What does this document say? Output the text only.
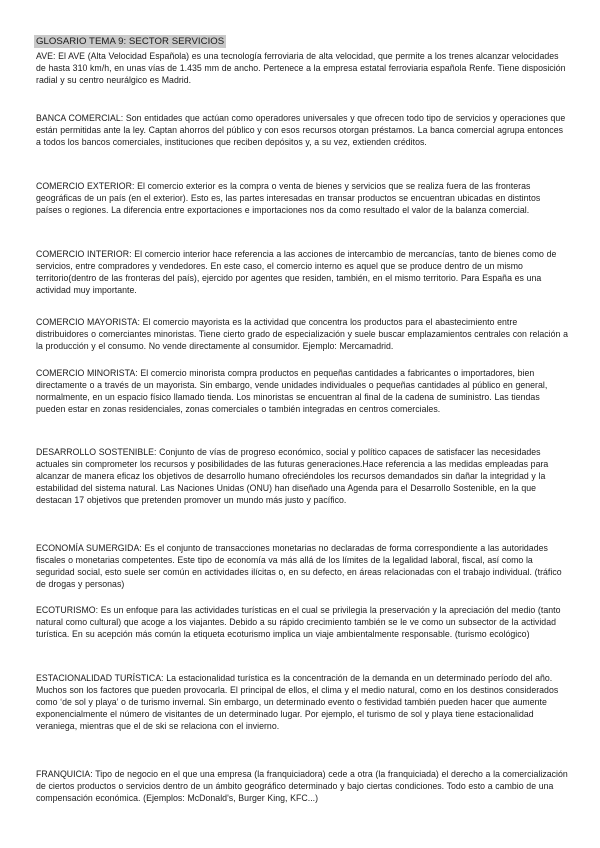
GLOSARIO TEMA 9: SECTOR SERVICIOS

AVE: El AVE (Alta Velocidad Española) es una tecnología ferroviaria de alta velocidad, que permite a los trenes alcanzar velocidades de hasta 310 km/h, en unas vías de 1.435 mm de ancho. Pertenece a la empresa estatal ferroviaria española Renfe. Tiene disposición radial y su centro neurálgico es Madrid.

BANCA COMERCIAL: Son entidades que actúan como operadores universales y que ofrecen todo tipo de servicios y operaciones que están permitidas ante la ley. Captan ahorros del público y con esos recursos otorgan préstamos. La banca comercial agrupa entonces a todos los bancos comerciales, instituciones que reciben depósitos y, a su vez, extienden créditos.

COMERCIO EXTERIOR: El comercio exterior es la compra o venta de bienes y servicios que se realiza fuera de las fronteras geográficas de un país (en el exterior). Esto es, las partes interesadas en transar productos se encuentran ubicadas en distintos países o regiones. La diferencia entre exportaciones e importaciones nos da como resultado el valor de la balanza comercial.

COMERCIO INTERIOR: El comercio interior hace referencia a las acciones de intercambio de mercancías, tanto de bienes como de servicios, entre compradores y vendedores. En este caso, el comercio interno es aquel que se produce dentro de un mismo territorio(dentro de las fronteras del país), ejercido por agentes que residen, también, en el mismo territorio. Para España es una actividad muy importante.

COMERCIO MAYORISTA: El comercio mayorista es la actividad que concentra los productos para el abastecimiento entre distribuidores o comerciantes minoristas. Tiene cierto grado de especialización y suele buscar emplazamientos centrales con relación a la producción y el consumo. No vende directamente al consumidor. Ejemplo: Mercamadrid.

COMERCIO MINORISTA: El comercio minorista compra productos en pequeñas cantidades a fabricantes o importadores, bien directamente o a través de un mayorista. Sin embargo, vende unidades individuales o pequeñas cantidades al público en general, normalmente, en un espacio físico llamado tienda. Los minoristas se encuentran al final de la cadena de suministro. Las tiendas pueden estar en zonas residenciales, zonas comerciales o también integradas en centros comerciales.

DESARROLLO SOSTENIBLE: Conjunto de vías de progreso económico, social y político capaces de satisfacer las necesidades actuales sin comprometer los recursos y posibilidades de las futuras generaciones.Hace referencia a las medidas empleadas para alcanzar de manera eficaz los objetivos de desarrollo humano ofreciéndoles los recursos demandados sin dañar la integridad y la estabilidad del sistema natural. Las Naciones Unidas (ONU) han diseñado una Agenda para el Desarrollo Sostenible, en la que destacan 17 objetivos que pretenden promover un mundo más justo y pacífico.

ECONOMÍA SUMERGIDA: Es el conjunto de transacciones monetarias no declaradas de forma correspondiente a las autoridades fiscales o monetarias competentes. Este tipo de economía va más allá de los límites de la legalidad laboral, fiscal, así como la seguridad social, esto suele ser común en actividades ilícitas o, en su defecto, en áreas relacionadas con el trabajo individual. (tráfico de drogas y personas)

ECOTURISMO: Es un enfoque para las actividades turísticas en el cual se privilegia la preservación y la apreciación del medio (tanto natural como cultural) que acoge a los viajantes. Debido a su rápido crecimiento también se le ve como un subsector de la actividad turística. En su acepción más común la etiqueta ecoturismo implica un viaje ambientalmente responsable. (turismo ecológico)

ESTACIONALIDAD TURÍSTICA: La estacionalidad turística es la concentración de la demanda en un determinado período del año. Muchos son los factores que pueden provocarla. El principal de ellos, el clima y el medio natural, como en los destinos considerados como ‘de sol y playa’ o de turismo invernal. Sin embargo, un determinado evento o festividad también pueden hacer que aumente exponencialmente el número de visitantes de un determinado lugar. Por ejemplo, el turismo de sol y playa tiene estacionalidad veraniega, mientras que el de ski se relaciona con el invierno.

FRANQUICIA: Tipo de negocio en el que una empresa (la franquiciadora) cede a otra (la franquiciada) el derecho a la comercialización de ciertos productos o servicios dentro de un ámbito geográfico determinado y bajo ciertas condiciones. Todo esto a cambio de una compensación económica. (Ejemplos: McDonald's, Burger King, KFC...)
